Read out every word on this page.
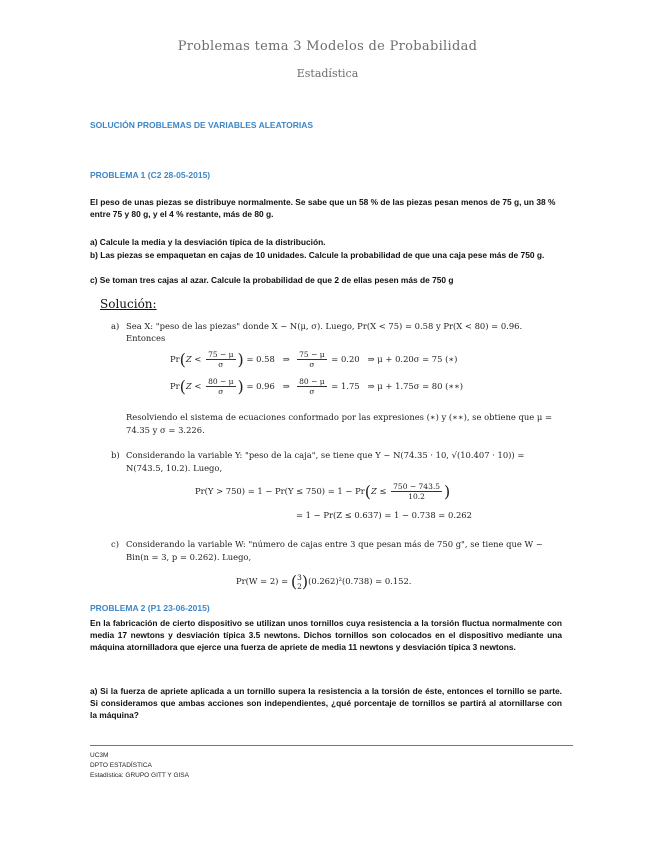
Problemas tema 3 Modelos de Probabilidad
Estadística
SOLUCIÓN PROBLEMAS DE VARIABLES ALEATORIAS
PROBLEMA 1 (C2 28-05-2015)
El peso de unas piezas se distribuye normalmente. Se sabe que un 58 % de las piezas pesan menos de 75 g, un 38 % entre 75 y 80 g, y el 4 % restante, más de 80 g.
a) Calcule la media y la desviación típica de la distribución.
b) Las piezas se empaquetan en cajas de 10 unidades. Calcule la probabilidad de que una caja pese más de 750 g.
c) Se toman tres cajas al azar. Calcule la probabilidad de que 2 de ellas pesen más de 750 g
Solución:
a) Sea X: "peso de las piezas" donde X ~ N(μ, σ). Luego, Pr(X < 75) = 0.58 y Pr(X < 80) = 0.96.
Entonces
$Pr(Z < \frac{75 - \mu}{\sigma}$ ) = 0.58   ⇒ $\frac{75 - \mu}{\sigma} = 0.20$ ⇒ μ + 0.20σ = 75 (∗)
$Pr(Z < \frac{80 - \mu}{\sigma}$ ) = 0.96   ⇒ $\frac{80 - \mu}{\sigma} = 1.75$ ⇒ μ + 1.75σ = 80 (∗∗)
Resolviendo el sistema de ecuaciones conformado por las expresiones (∗) y (∗∗), se obtiene que μ =
74.35 y σ = 3.226.
b) Considerando la variable Y: "peso de la caja", se tiene que Y ~ N(74.35 · 10, √(10.407 · 10)) =
N(743.5, 10.2). Luego,
$Pr(Y > 750) = 1 - Pr(Y \le 750) = 1 - Pr(Z \le \frac{750 - 743.5}{10.2}$ )
= 1 − Pr(Z ≤ 0.637) = 1 − 0.738 = 0.262
c) Considerando la variable W: "número de cajas entre 3 que pesan más de 750 g", se tiene que W ~
Bin(n = 3, p = 0.262). Luego,
Pr(W = 2) = ( 3
2 )(0.262)²(0.738) = 0.152.
PROBLEMA 2 (P1 23-06-2015)
En la fabricación de cierto dispositivo se utilizan unos tornillos cuya resistencia a la torsión fluctua normalmente con media 17 newtons y desviación típica 3.5 newtons. Dichos tornillos son colocados en el dispositivo mediante una máquina atornilladora que ejerce una fuerza de apriete de media 11 newtons y desviación típica 3 newtons.
a) Si la fuerza de apriete aplicada a un tornillo supera la resistencia a la torsión de éste, entonces el tornillo se parte. Si consideramos que ambas acciones son independientes, ¿qué porcentaje de tornillos se partirá al atornillarse con la máquina?
UC3M
DPTO ESTADÍSTICA
Estadística: GRUPO GITT Y GISA
